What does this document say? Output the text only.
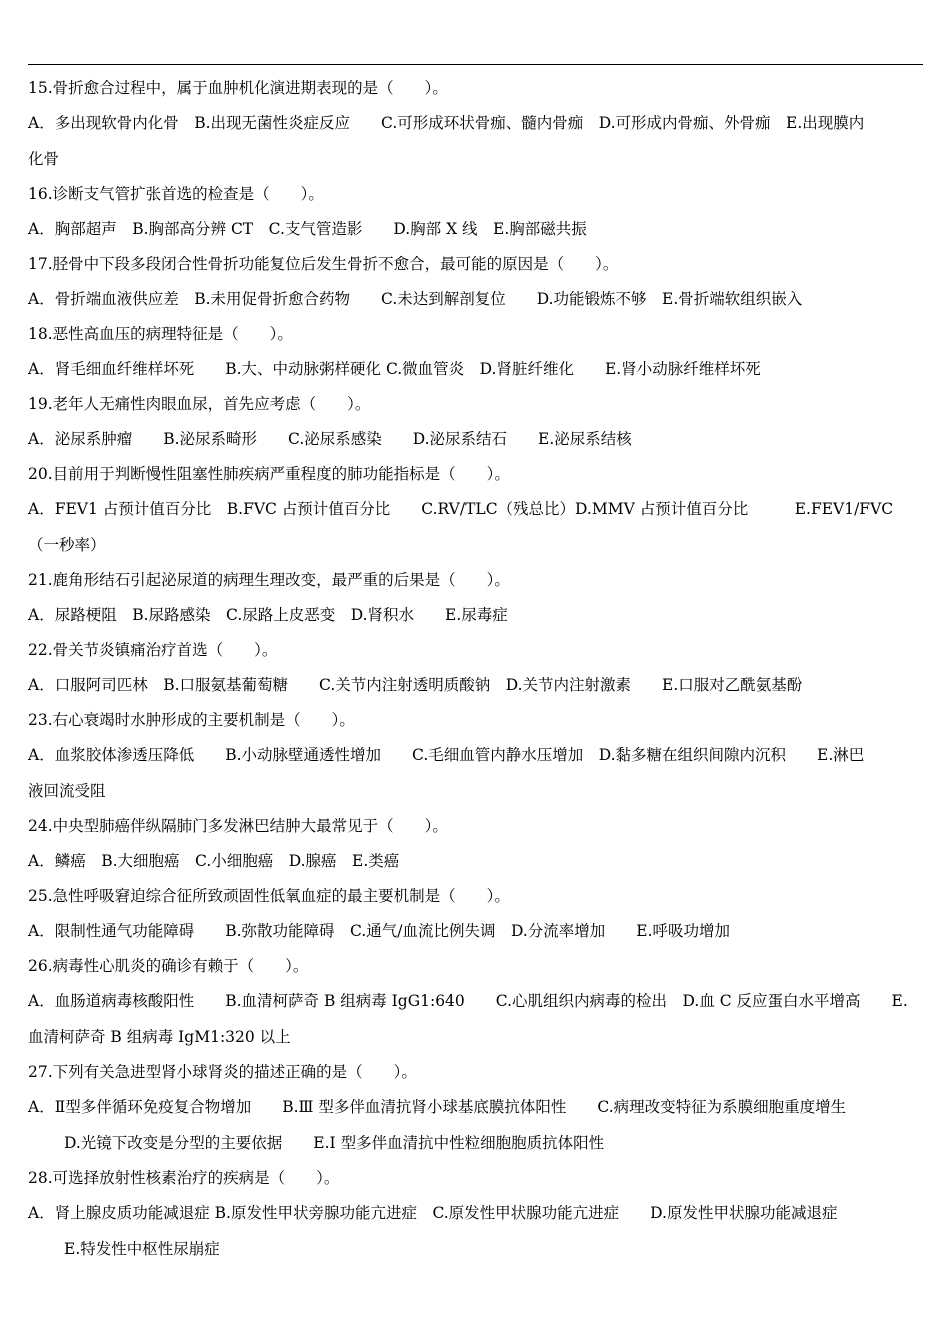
15.骨折愈合过程中，属于血肿机化演进期表现的是（　　）。
A．多出现软骨内化骨　B.出现无菌性炎症反应　　C.可形成环状骨痂、髓内骨痂　D.可形成内骨痂、外骨痂　E.出现膜内
化骨
16.诊断支气管扩张首选的检查是（　　）。
A．胸部超声　B.胸部高分辨 CT　C.支气管造影　　D.胸部 X 线　E.胸部磁共振
17.胫骨中下段多段闭合性骨折功能复位后发生骨折不愈合，最可能的原因是（　　）。
A．骨折端血液供应差　B.未用促骨折愈合药物　　C.未达到解剖复位　　D.功能锻炼不够　E.骨折端软组织嵌入
18.恶性高血压的病理特征是（　　）。
A．肾毛细血纤维样坏死　　B.大、中动脉粥样硬化 C.微血管炎　D.肾脏纤维化　　E.肾小动脉纤维样坏死
19.老年人无痛性肉眼血尿，首先应考虑（　　）。
A．泌尿系肿瘤　　B.泌尿系畸形　　C.泌尿系感染　　D.泌尿系结石　　E.泌尿系结核
20.目前用于判断慢性阻塞性肺疾病严重程度的肺功能指标是（　　）。
A．FEV1 占预计值百分比　B.FVC 占预计值百分比　　C.RV/TLC（残总比）D.MMV 占预计值百分比　　　E.FEV1/FVC
（一秒率）
21.鹿角形结石引起泌尿道的病理生理改变，最严重的后果是（　　）。
A．尿路梗阻　B.尿路感染　C.尿路上皮恶变　D.肾积水　　E.尿毒症
22.骨关节炎镇痛治疗首选（　　）。
A．口服阿司匹林　B.口服氨基葡萄糖　　C.关节内注射透明质酸钠　D.关节内注射激素　　E.口服对乙酰氨基酚
23.右心衰竭时水肿形成的主要机制是（　　）。
A．血浆胶体渗透压降低　　B.小动脉壁通透性增加　　C.毛细血管内静水压增加　D.黏多糖在组织间隙内沉积　　E.淋巴
液回流受阻
24.中央型肺癌伴纵隔肺门多发淋巴结肿大最常见于（　　）。
A．鳞癌　B.大细胞癌　C.小细胞癌　D.腺癌　E.类癌
25.急性呼吸窘迫综合征所致顽固性低氧血症的最主要机制是（　　）。
A．限制性通气功能障碍　　B.弥散功能障碍　C.通气/血流比例失调　D.分流率增加　　E.呼吸功增加
26.病毒性心肌炎的确诊有赖于（　　）。
A．血肠道病毒核酸阳性　　B.血清柯萨奇 B 组病毒 IgG1:640　　C.心肌组织内病毒的检出　D.血 C 反应蛋白水平增高　　E.
血清柯萨奇 B 组病毒 IgM1:320 以上
27.下列有关急进型肾小球肾炎的描述正确的是（　　）。
A．Ⅱ型多伴循环免疫复合物增加　　B.Ⅲ 型多伴血清抗肾小球基底膜抗体阳性　　C.病理改变特征为系膜细胞重度增生
D.光镜下改变是分型的主要依据　　E.Ⅰ 型多伴血清抗中性粒细胞胞质抗体阳性
28.可选择放射性核素治疗的疾病是（　　）。
A．肾上腺皮质功能减退症 B.原发性甲状旁腺功能亢进症　C.原发性甲状腺功能亢进症　　D.原发性甲状腺功能减退症
E.特发性中枢性尿崩症
